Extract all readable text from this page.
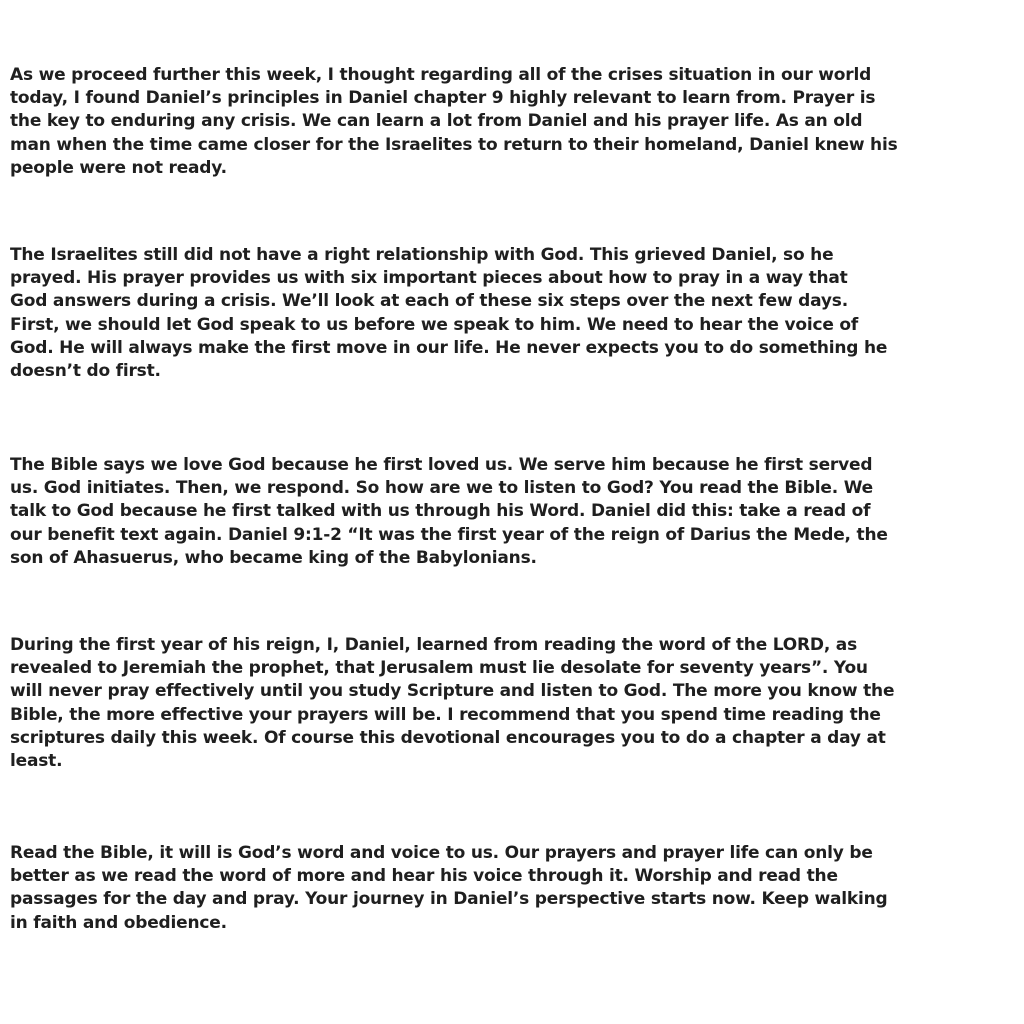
As we proceed further this week, I thought regarding all of the crises situation in our world
today, I found Daniel’s principles in Daniel chapter 9 highly relevant to learn from. Prayer is
the key to enduring any crisis. We can learn a lot from Daniel and his prayer life. As an old
man when the time came closer for the Israelites to return to their homeland, Daniel knew his
people were not ready.

The Israelites still did not have a right relationship with God. This grieved Daniel, so he
prayed. His prayer provides us with six important pieces about how to pray in a way that
God answers during a crisis. We’ll look at each of these six steps over the next few days.
First, we should let God speak to us before we speak to him. We need to hear the voice of
God. He will always make the first move in our life. He never expects you to do something he
doesn’t do first.

The Bible says we love God because he first loved us. We serve him because he first served
us. God initiates. Then, we respond. So how are we to listen to God? You read the Bible. We
talk to God because he first talked with us through his Word. Daniel did this: take a read of
our benefit text again. Daniel 9:1-2 “It was the first year of the reign of Darius the Mede, the
son of Ahasuerus, who became king of the Babylonians.

During the first year of his reign, I, Daniel, learned from reading the word of the LORD, as
revealed to Jeremiah the prophet, that Jerusalem must lie desolate for seventy years”. You
will never pray effectively until you study Scripture and listen to God. The more you know the
Bible, the more effective your prayers will be. I recommend that you spend time reading the
scriptures daily this week. Of course this devotional encourages you to do a chapter a day at
least.

Read the Bible, it will is God’s word and voice to us. Our prayers and prayer life can only be
better as we read the word of more and hear his voice through it. Worship and read the
passages for the day and pray. Your journey in Daniel’s perspective starts now. Keep walking
in faith and obedience.
